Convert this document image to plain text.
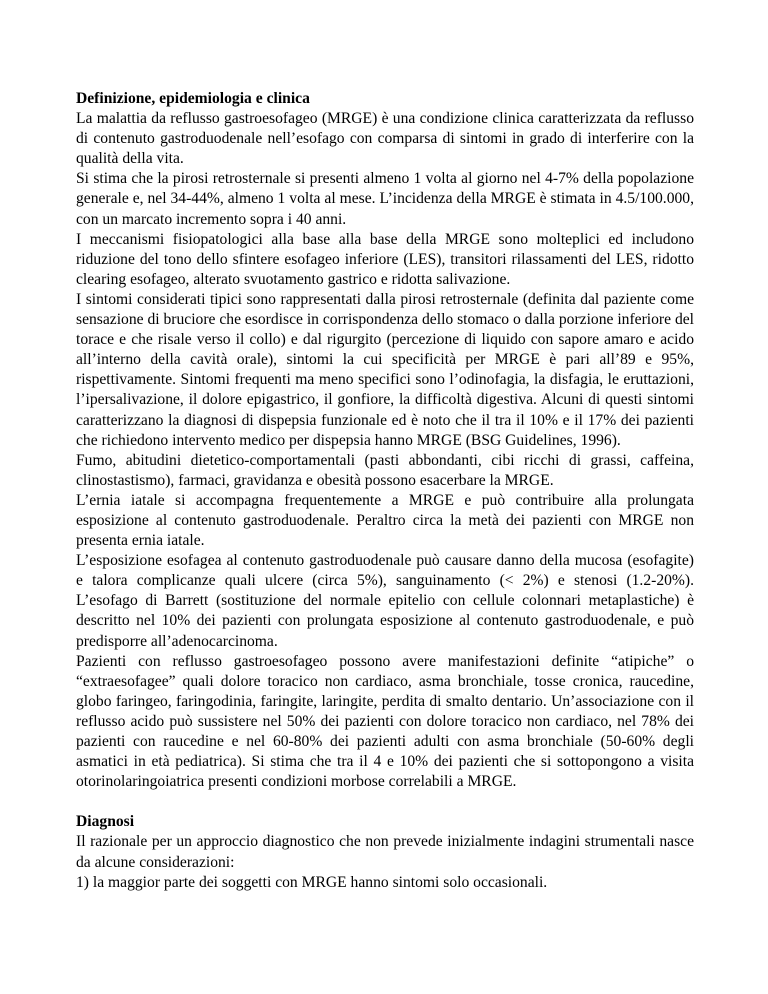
Definizione, epidemiologia e clinica

La malattia da reflusso gastroesofageo (MRGE) è una condizione clinica caratterizzata da reflusso di contenuto gastroduodenale nell’esofago con comparsa di sintomi in grado di interferire con la qualità della vita.

Si stima che la pirosi retrosternale si presenti almeno 1 volta al giorno nel 4-7% della popolazione generale e, nel 34-44%, almeno 1 volta al mese. L’incidenza della MRGE è stimata in 4.5/100.000, con un marcato incremento sopra i 40 anni.

I meccanismi fisiopatologici alla base alla base della MRGE sono molteplici ed includono riduzione del tono dello sfintere esofageo inferiore (LES), transitori rilassamenti del LES, ridotto clearing esofageo, alterato svuotamento gastrico e ridotta salivazione.

I sintomi considerati tipici sono rappresentati dalla pirosi retrosternale (definita dal paziente come sensazione di bruciore che esordisce in corrispondenza dello stomaco o dalla porzione inferiore del torace e che risale verso il collo) e dal rigurgito (percezione di liquido con sapore amaro e acido all’interno della cavità orale), sintomi la cui specificità per MRGE è pari all’89 e 95%, rispettivamente. Sintomi frequenti ma meno specifici sono l’odinofagia, la disfagia, le eruttazioni, l’ipersalivazione, il dolore epigastrico, il gonfiore, la difficoltà digestiva. Alcuni di questi sintomi caratterizzano la diagnosi di dispepsia funzionale ed è noto che il tra il 10% e il 17% dei pazienti che richiedono intervento medico per dispepsia hanno MRGE (BSG Guidelines, 1996).

Fumo, abitudini dietetico-comportamentali (pasti abbondanti, cibi ricchi di grassi, caffeina, clinostastismo), farmaci, gravidanza e obesità possono esacerbare la MRGE.

L’ernia iatale si accompagna frequentemente a MRGE e può contribuire alla prolungata esposizione al contenuto gastroduodenale. Peraltro circa la metà dei pazienti con MRGE non presenta ernia iatale.

L’esposizione esofagea al contenuto gastroduodenale può causare danno della mucosa (esofagite) e talora complicanze quali ulcere (circa 5%), sanguinamento (< 2%) e stenosi (1.2-20%). L’esofago di Barrett (sostituzione del normale epitelio con cellule colonnari metaplastiche) è descritto nel 10% dei pazienti con prolungata esposizione al contenuto gastroduodenale, e può predisporre all’adenocarcinoma.

Pazienti con reflusso gastroesofageo possono avere manifestazioni definite “atipiche” o “extraesofagee” quali dolore toracico non cardiaco, asma bronchiale, tosse cronica, raucedine, globo faringeo, faringodinia, faringite, laringite, perdita di smalto dentario. Un’associazione con il reflusso acido può sussistere nel 50% dei pazienti con dolore toracico non cardiaco, nel 78% dei pazienti con raucedine e nel 60-80% dei pazienti adulti con asma bronchiale (50-60% degli asmatici in età pediatrica). Si stima che tra il 4 e 10% dei pazienti che si sottopongono a visita otorinolaringoiatrica presenti condizioni morbose correlabili a MRGE.

Diagnosi

Il razionale per un approccio diagnostico che non prevede inizialmente indagini strumentali nasce da alcune considerazioni:

1) la maggior parte dei soggetti con MRGE hanno sintomi solo occasionali.
